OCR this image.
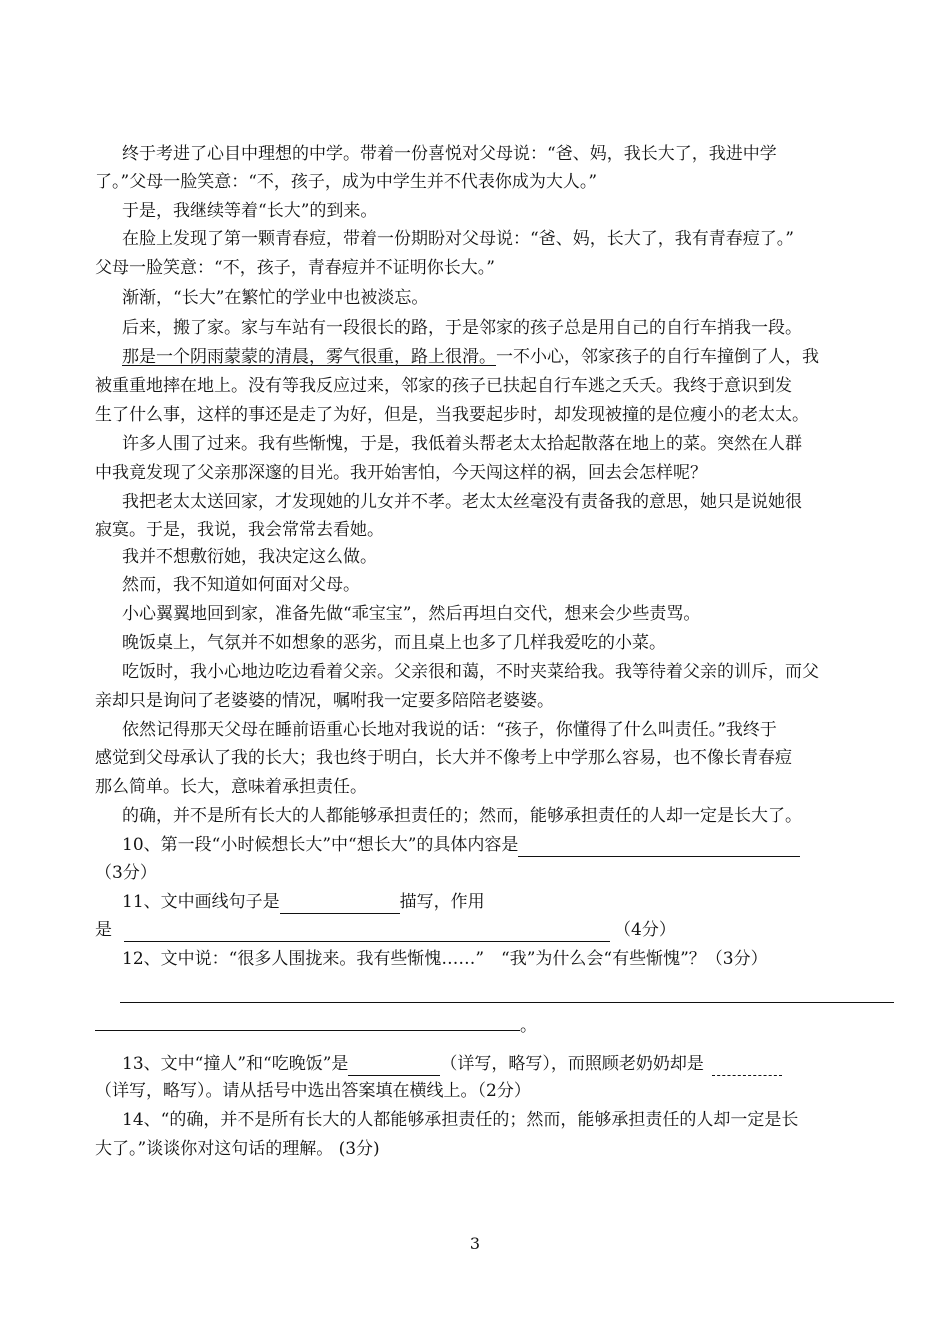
终于考进了心目中理想的中学。带着一份喜悦对父母说：“爸、妈，我长大了，我进中学
了。”父母一脸笑意：“不，孩子，成为中学生并不代表你成为大人。”
于是，我继续等着“长大”的到来。
在脸上发现了第一颗青春痘，带着一份期盼对父母说：“爸、妈，长大了，我有青春痘了。”
父母一脸笑意：“不，孩子，青春痘并不证明你长大。”
渐渐，“长大”在繁忙的学业中也被淡忘。
后来，搬了家。家与车站有一段很长的路，于是邻家的孩子总是用自己的自行车捎我一段。
那是一个阴雨蒙蒙的清晨，雾气很重，路上很滑。一不小心，邻家孩子的自行车撞倒了人，我
被重重地摔在地上。没有等我反应过来，邻家的孩子已扶起自行车逃之夭夭。我终于意识到发
生了什么事，这样的事还是走了为好，但是，当我要起步时，却发现被撞的是位瘦小的老太太。
许多人围了过来。我有些惭愧，于是，我低着头帮老太太拾起散落在地上的菜。突然在人群
中我竟发现了父亲那深邃的目光。我开始害怕，今天闯这样的祸，回去会怎样呢？
我把老太太送回家，才发现她的儿女并不孝。老太太丝毫没有责备我的意思，她只是说她很
寂寞。于是，我说，我会常常去看她。
我并不想敷衍她，我决定这么做。
然而，我不知道如何面对父母。
小心翼翼地回到家，准备先做“乖宝宝”，然后再坦白交代，想来会少些责骂。
晚饭桌上，气氛并不如想象的恶劣，而且桌上也多了几样我爱吃的小菜。
吃饭时，我小心地边吃边看着父亲。父亲很和蔼，不时夹菜给我。我等待着父亲的训斥，而父
亲却只是询问了老婆婆的情况，嘱咐我一定要多陪陪老婆婆。
依然记得那天父母在睡前语重心长地对我说的话：“孩子，你懂得了什么叫责任。”我终于
感觉到父母承认了我的长大；我也终于明白，长大并不像考上中学那么容易，也不像长青春痘
那么简单。长大，意味着承担责任。
的确，并不是所有长大的人都能够承担责任的；然而，能够承担责任的人却一定是长大了。
10、第一段“小时候想长大”中“想长大”的具体内容是
（3分）
11、文中画线句子是	描写，作用
是	（4分）
12、文中说：“很多人围拢来。我有些惭愧……”　“我”为什么会“有些惭愧”？（3分）
。
13、文中“撞人”和“吃晚饭”是	（详写，略写），而照顾老奶奶却是
（详写，略写）。请从括号中选出答案填在横线上。（2分）
14、“的确，并不是所有长大的人都能够承担责任的；然而，能够承担责任的人却一定是长
大了。”谈谈你对这句话的理解。 (3分)
3
